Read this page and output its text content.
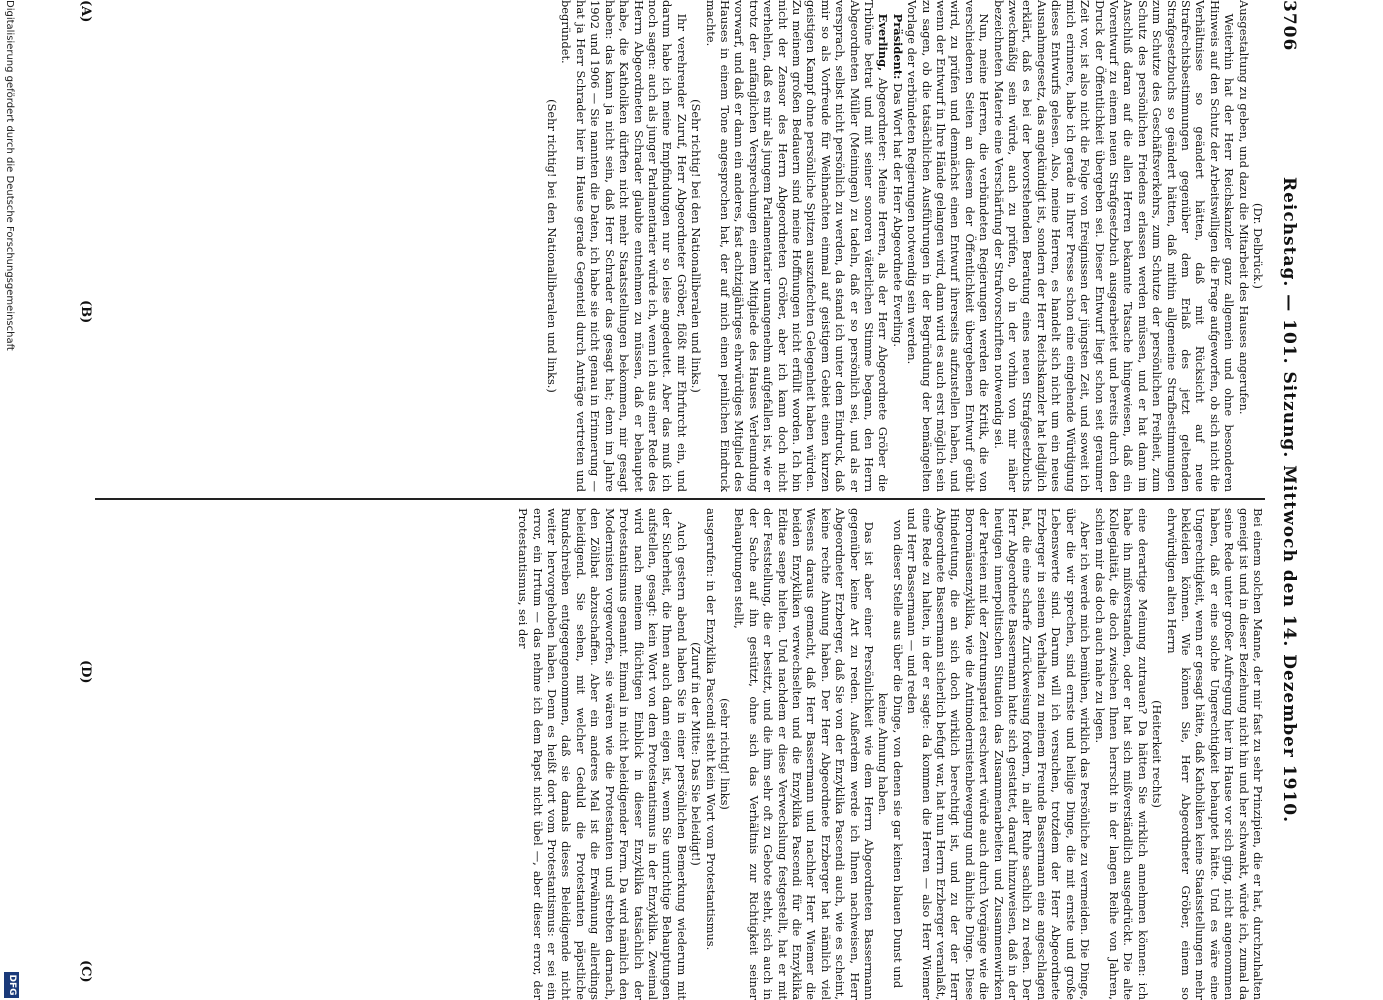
3706
Reichstag. — 101. Sitzung. Mittwoch den 14. Dezember 1910.

(Dr. Delbrück.)

Ausgestaltung zu geben, und dazu die Mitarbeit des Hauses angerufen.

Weiterhin hat der Herr Reichskanzler ganz allgemein und ohne besonderen Hinweis auf den Schutz der Arbeitswilligen die Frage aufgeworfen, ob sich nicht die Verhältnisse so geändert hätten, daß mit Rücksicht auf neue Strafrechtsbestimmungen gegenüber dem Erlaß des jetzt geltenden Strafgesetzbuchs so geändert hätten, daß mithin allgemeine Strafbestimmungen zum Schutze des Geschäftsverkehrs, zum Schutze der persönlichen Freiheit, zum Schutz des persönlichen Friedens erlassen werden müssen, und er hat dann im Anschluß daran auf die allen Herren bekannte Tatsache hingewiesen, daß ein Vorentwurf zu einem neuen Strafgesetzbuch ausgearbeitet und bereits durch den Druck der Öffentlichkeit übergeben sei. Dieser Entwurf liegt schon seit geraumer Zeit vor, ist also nicht die Folge von Ereignissen der jüngsten Zeit, und soweit ich mich erinnere, habe ich gerade in Ihrer Presse schon eine eingehende Würdigung dieses Entwurfs gelesen. Also, meine Herren, es handelt sich nicht um ein neues Ausnahmegesetz, das angekündigt ist, sondern der Herr Reichskanzler hat lediglich erklärt, daß es bei der bevorstehenden Beratung eines neuen Strafgesetzbuchs zweckmäßig sein würde, auch zu prüfen, ob in der vorhin von mir näher bezeichneten Materie eine Verschärfung der Strafvorschriften notwendig sei.

Nun, meine Herren, die verbündeten Regierungen werden die Kritik, die von verschiedenen Seiten an diesem der Öffentlichkeit übergebenen Entwurf geübt wird, zu prüfen und demnächst einen Entwurf ihrerseits aufzustellen haben, und wenn der Entwurf in Ihre Hände gelangen wird, dann wird es auch erst möglich sein zu sagen, ob die tatsächlichen Ausführungen in der Begründung der bemängelten Vorlage der verbündeten Regierungen notwendig sein werden.

Präsident: Das Wort hat der Herr Abgeordnete Everling.

Everling, Abgeordneter: Meine Herren, als der Herr Abgeordnete Gröber die Tribüne betrat und mit seiner sonoren väterlichen Stimme begann, den Herrn Abgeordneten Müller (Meiningen) zu tadeln, daß er so persönlich sei, und als er versprach, selbst nicht persönlich zu werden, da stand ich unter dem Eindruck, daß mir so als Vorfreude für Weihnachten einmal auf geistigem Gebiet einen kurzen geistigen Kampf ohne persönliche Spitzen auszufechten Gelegenheit haben würden. Zu meinem großen Bedauern sind meine Hoffnungen nicht erfüllt worden. Ich bin nicht der Zensor des Herrn Abgeordneten Gröber, aber ich kann doch nicht verhehlen, daß es mir als jungem Parlamentarier unangenehm aufgefallen ist, wie er trotz der anfänglichen Versprechungen einem Mitgliede des Hauses Verleumdung vorwarf, und daß er dann ein anderes, fast achtzigjähriges ehrwürdiges Mitglied des Hauses in einem Tone angesprochen hat, der auf mich einen peinlichen Eindruck machte.

(Sehr richtig! bei den Nationalliberalen und links.)

Ihr verehrender Zuruf, Herr Abgeordneter Gröber, flößt mir Ehrfurcht ein, und darum habe ich meine Empfindungen nur so leise angedeutet. Aber das muß ich noch sagen: auch als junger Parlamentarier würde ich, wenn ich aus einer Rede des Herrn Abgeordneten Schrader glaubte entnehmen zu müssen, daß er behauptet habe, die Katholiken dürften nicht mehr Staatsstellungen bekommen, mir gesagt haben: das kann ja nicht sein, daß Herr Schrader das gesagt hat; denn im Jahre 1902 und 1906 — Sie nannten die Daten, ich habe sie nicht genau in Erinnerung — hat ja Herr Schrader hier im Hause gerade Gegenteil durch Anträge vertreten und begründet.

(Sehr richtig! bei den Nationalliberalen und links.)

Bei einem solchen Manne, der mir fast zu sehr Prinzipien, die er hat, durchzuhalten geneigt ist und in dieser Beziehung nicht hin und her schwankt, würde ich, zumal da seine Rede unter großer Aufregung hier im Hause vor sich ging, nicht angenommen haben, daß er eine solche Ungerechtigkeit behauptet hätte. Und es wäre eine Ungerechtigkeit, wenn er gesagt hätte, daß Katholiken keine Staatsstellungen mehr bekleiden können. Wie können Sie, Herr Abgeordneter Gröber, einem so ehrwürdigen alten Herrn

(Heiterkeit rechts)

eine derartige Meinung zutrauen? Da hätten Sie wirklich annehmen können: ich habe ihn mißverstanden, oder er hat sich mißverständlich ausgedrückt. Die alte Kollegialität, die doch zwischen Ihnen herrscht in der langen Reihe von Jahren, schien mir das doch auch nahe zu legen.

Aber ich werde mich bemühen, wirklich das Persönliche zu vermeiden. Die Dinge, über die wir sprechen, sind ernste und heilige Dinge, die mit ernste und große Lebenswerte sind. Darum will ich versuchen, trotzdem der Herr Abgeordnete Erzberger in seinem Verhalten zu meinem Freunde Bassermann eine angeschlagen hat, die eine scharfe Zurückweisung fordern, in aller Ruhe sachlich zu reden. Der Herr Abgeordnete Bassermann hatte sich gestattet, darauf hinzuweisen, daß in der heutigen innerpolitischen Situation das Zusammenarbeiten und Zusammenwirken der Parteien mit der Zentrumspartei erschwert würde auch durch Vorgänge wie die Borromäusenzyklika, wie die Antimodernistenbewegung und ähnliche Dinge. Diese Hindeutung, die an sich doch wirklich berechtigt ist, und zu der der Herr Abgeordnete Bassermann sicherlich befugt war, hat nun Herrn Erzberger veranlaßt, eine Rede zu halten, in der er sagte: da kommen die Herren — also Herr Wiemer und Herr Bassermann — und reden

von dieser Stelle aus über die Dinge, von denen sie gar keinen blauen Dunst und keine Ahnung haben.

Das ist aber einer Persönlichkeit wie dem Herrn Abgeordneten Bassermann gegenüber keine Art zu reden. Außerdem werde ich Ihnen nachweisen, Herr Abgeordneter Erzberger, daß Sie von der Enzyklika Pascendi auch, wie es scheint, keine rechte Ahnung haben. Der Herr Abgeordnete Erzberger hat nämlich viel Wesens daraus gemacht, daß Herr Bassermann und nachher Herr Wiemer die beiden Enzykliken verwechselten und die Enzyklika Pascendi für die Enzyklika Editae saepe hielten. Und nachdem er diese Verwechslung festgestellt, hat er mit der Feststellung, die er besitzt, und die ihm sehr oft zu Gebote steht, sich auch in der Sache auf ihn gestützt, ohne sich das Verhältnis zur Richtigkeit seiner Behauptungen stellt,

(sehr richtig! links)

ausgerufen: in der Enzyklika Pascendi steht kein Wort vom Protestantismus.

(Zuruf in der Mitte: Das Sie beleidigt!)

Auch gestern abend haben Sie in einer persönlichen Bemerkung wiederum mit der Sicherheit, die Ihnen auch dann eigen ist, wenn Sie unrichtige Behauptungen aufstellen, gesagt: kein Wort von dem Protestantismus in der Enzyklika. Zweimal wird nach meinem flüchtigen Einblick in dieser Enzyklika tatsächlich der Protestantismus genannt. Einmal in nicht beleidigender Form. Da wird nämlich den Modernisten vorgeworfen, sie wären wie die Protestanten und strebten darnach, den Zölibat abzuschaffen. Aber ein anderes Mal ist die Erwähnung allerdings beleidigend. Sie sehen, mit welcher Geduld die Protestanten päpstliche Rundschreiben entgegengenommen, daß sie damals dieses Beleidigende nicht weiter hervorgehoben haben. Denn es heißt dort vom Protestantismus: er sei ein error, ein Irrtum — das nehme ich dem Papst nicht übel —, aber dieser error, der Protestantismus, sei der

(A)
(B)
(C)
(D)
Digitalisierung gefördert durch die Deutsche Forschungsgemeinschaft
DFG
